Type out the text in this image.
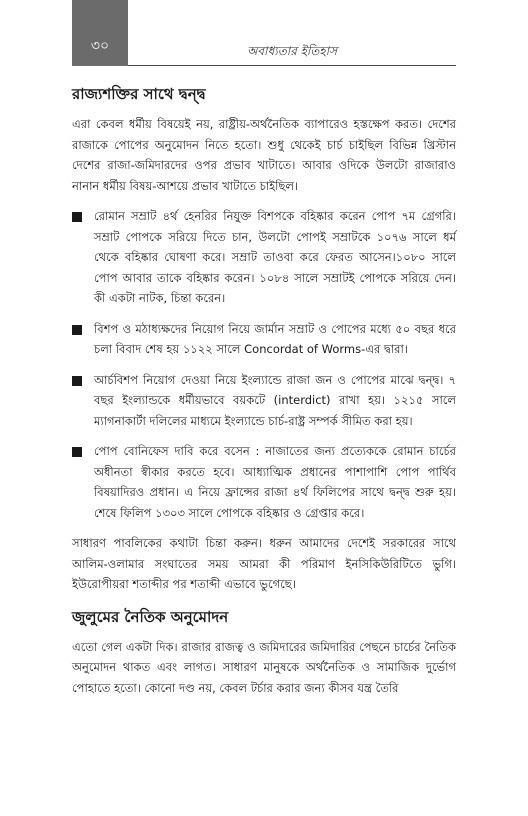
৩০	অবাধ্যতার ইতিহাস
রাজ্যশক্তির সাথে দ্বন্দ্ব

এরা কেবল ধর্মীয় বিষয়েই নয়, রাষ্ট্রীয়-অর্থনৈতিক ব্যাপারেও হস্তক্ষেপ করত। দেশের রাজাকে পোপের অনুমোদন নিতে হতো। শুধু থেকেই চার্চ চাইছিল বিভিন্ন খ্রিস্টান দেশের রাজা-জমিদারদের ওপর প্রভাব খাটাতে। আবার ওদিকে উলটো রাজারাও নানান ধর্মীয় বিষয়-আশয়ে প্রভাব খাটাতে চাইছিল।

রোমান সম্রাট ৪র্থ হেনরির নিযুক্ত বিশপকে বহিষ্কার করেন পোপ ৭ম গ্রেগরি। সম্রাট পোপকে সরিয়ে দিতে চান, উলটো পোপই সম্রাটকে ১০৭৬ সালে ধর্ম থেকে বহিষ্কার ঘোষণা করে। সম্রাট তাওবা করে ফেরত আসেন।১০৮০ সালে পোপ আবার তাকে বহিষ্কার করেন। ১০৮৪ সালে সম্রাটই পোপকে সরিয়ে দেন। কী একটা নাটক, চিন্তা করেন।
বিশপ ও মঠাধ্যক্ষদের নিয়োগ নিয়ে জার্মান সম্রাট ও পোপের মধ্যে ৫০ বছর ধরে চলা বিবাদ শেষ হয় ১১২২ সালে Concordat of Worms-এর দ্বারা।
আর্চবিশপ নিয়োগ দেওয়া নিয়ে ইংল্যান্ডে রাজা জন ও পোপের মাঝে দ্বন্দ্ব। ৭ বছর ইংল্যান্ডকে ধর্মীয়ভাবে বয়কটে (interdict) রাখা হয়। ১২১৫ সালে ম্যাগনাকার্টা দলিলের মাধ্যমে ইংল্যান্ডে চার্চ-রাষ্ট্র সম্পর্ক সীমিত করা হয়।
পোপ বোনিফেস দাবি করে বসেন : নাজাতের জন্য প্রত্যেককে রোমান চার্চের অধীনতা স্বীকার করতে হবে। আধ্যাত্মিক প্রধানের পাশাপাশি পোপ পার্থিব বিষয়াদিরও প্রধান। এ নিয়ে ফ্রান্সের রাজা ৪র্থ ফিলিপের সাথে দ্বন্দ্ব শুরু হয়। শেষে ফিলিপ ১৩০৩ সালে পোপকে বহিষ্কার ও গ্রেপ্তার করে।

সাধারণ পাবলিকের কথাটা চিন্তা করুন। ধরুন আমাদের দেশেই সরকারের সাথে আলিম-ওলামার সংঘাতের সময় আমরা কী পরিমাণ ইনসিকিউরিটিতে ভুগি। ইউরোপীয়রা শতাব্দীর পর শতাব্দী এভাবে ভুগেছে।

জুলুমের নৈতিক অনুমোদন

এতো গেল একটা দিক। রাজার রাজত্ব ও জমিদারের জমিদারির পেছনে চার্চের নৈতিক অনুমোদন থাকত এবং লাগত। সাধারণ মানুষকে অর্থনৈতিক ও সামাজিক দুর্ভোগ পোহাতে হতো। কোনো দণ্ড নয়, কেবল টর্চার করার জন্য কীসব যন্ত্র তৈরি
